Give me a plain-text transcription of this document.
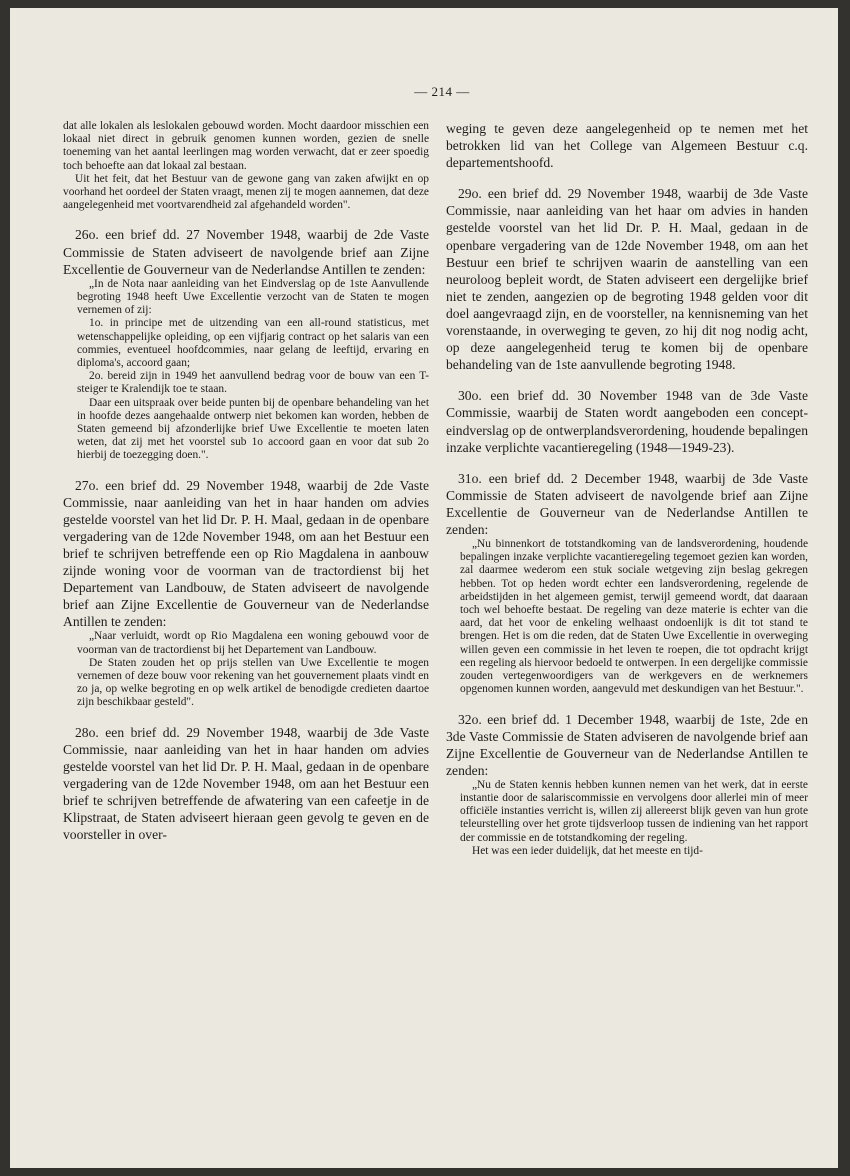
— 214 —

dat alle lokalen als leslokalen gebouwd worden. Mocht daardoor misschien een lokaal niet direct in gebruik genomen kunnen worden, gezien de snelle toeneming van het aantal leerlingen mag worden verwacht, dat er zeer spoedig toch behoefte aan dat lokaal zal bestaan.

Uit het feit, dat het Bestuur van de gewone gang van zaken afwijkt en op voorhand het oordeel der Staten vraagt, menen zij te mogen aannemen, dat deze aangelegenheid met voortvarendheid zal afgehandeld worden".

26o. een brief dd. 27 November 1948, waarbij de 2de Vaste Commissie de Staten adviseert de navolgende brief aan Zijne Excellentie de Gouverneur van de Nederlandse Antillen te zenden:

„In de Nota naar aanleiding van het Eindverslag op de 1ste Aanvullende begroting 1948 heeft Uwe Excellentie verzocht van de Staten te mogen vernemen of zij:

1o. in principe met de uitzending van een all-round statisticus, met wetenschappelijke opleiding, op een vijfjarig contract op het salaris van een commies, eventueel hoofdcommies, naar gelang de leeftijd, ervaring en diploma's, accoord gaan;

2o. bereid zijn in 1949 het aanvullend bedrag voor de bouw van een T-steiger te Kralendijk toe te staan.

Daar een uitspraak over beide punten bij de openbare behandeling van het in hoofde dezes aangehaalde ontwerp niet bekomen kan worden, hebben de Staten gemeend bij afzonderlijke brief Uwe Excellentie te moeten laten weten, dat zij met het voorstel sub 1o accoord gaan en voor dat sub 2o hierbij de toezegging doen.".

27o. een brief dd. 29 November 1948, waarbij de 2de Vaste Commissie, naar aanleiding van het in haar handen om advies gestelde voorstel van het lid Dr. P. H. Maal, gedaan in de openbare vergadering van de 12de November 1948, om aan het Bestuur een brief te schrijven betreffende een op Rio Magdalena in aanbouw zijnde woning voor de voorman van de tractordienst bij het Departement van Landbouw, de Staten adviseert de navolgende brief aan Zijne Excellentie de Gouverneur van de Nederlandse Antillen te zenden:

„Naar verluidt, wordt op Rio Magdalena een woning gebouwd voor de voorman van de tractordienst bij het Departement van Landbouw.

De Staten zouden het op prijs stellen van Uwe Excellentie te mogen vernemen of deze bouw voor rekening van het gouvernement plaats vindt en zo ja, op welke begroting en op welk artikel de benodigde credieten daartoe zijn beschikbaar gesteld".

28o. een brief dd. 29 November 1948, waarbij de 3de Vaste Commissie, naar aanleiding van het in haar handen om advies gestelde voorstel van het lid Dr. P. H. Maal, gedaan in de openbare vergadering van de 12de November 1948, om aan het Bestuur een brief te schrijven betreffende de afwatering van een cafeetje in de Klipstraat, de Staten adviseert hieraan geen gevolg te geven en de voorsteller in over-

weging te geven deze aangelegenheid op te nemen met het betrokken lid van het College van Algemeen Bestuur c.q. departementshoofd.

29o. een brief dd. 29 November 1948, waarbij de 3de Vaste Commissie, naar aanleiding van het haar om advies in handen gestelde voorstel van het lid Dr. P. H. Maal, gedaan in de openbare vergadering van de 12de November 1948, om aan het Bestuur een brief te schrijven waarin de aanstelling van een neuroloog bepleit wordt, de Staten adviseert een dergelijke brief niet te zenden, aangezien op de begroting 1948 gelden voor dit doel aangevraagd zijn, en de voorsteller, na kennisneming van het vorenstaande, in overweging te geven, zo hij dit nog nodig acht, op deze aangelegenheid terug te komen bij de openbare behandeling van de 1ste aanvullende begroting 1948.

30o. een brief dd. 30 November 1948 van de 3de Vaste Commissie, waarbij de Staten wordt aangeboden een concept-eindverslag op de ontwerplandsverordening, houdende bepalingen inzake verplichte vacantieregeling (1948—1949-23).

31o. een brief dd. 2 December 1948, waarbij de 3de Vaste Commissie de Staten adviseert de navolgende brief aan Zijne Excellentie de Gouverneur van de Nederlandse Antillen te zenden:

„Nu binnenkort de totstandkoming van de landsverordening, houdende bepalingen inzake verplichte vacantieregeling tegemoet gezien kan worden, zal daarmee wederom een stuk sociale wetgeving zijn beslag gekregen hebben. Tot op heden wordt echter een landsverordening, regelende de arbeidstijden in het algemeen gemist, terwijl gemeend wordt, dat daaraan toch wel behoefte bestaat. De regeling van deze materie is echter van die aard, dat het voor de enkeling welhaast ondoenlijk is dit tot stand te brengen. Het is om die reden, dat de Staten Uwe Excellentie in overweging willen geven een commissie in het leven te roepen, die tot opdracht krijgt een regeling als hiervoor bedoeld te ontwerpen. In een dergelijke commissie zouden vertegenwoordigers van de werkgevers en de werknemers opgenomen kunnen worden, aangevuld met deskundigen van het Bestuur.".

32o. een brief dd. 1 December 1948, waarbij de 1ste, 2de en 3de Vaste Commissie de Staten adviseren de navolgende brief aan Zijne Excellentie de Gouverneur van de Nederlandse Antillen te zenden:

„Nu de Staten kennis hebben kunnen nemen van het werk, dat in eerste instantie door de salariscommissie en vervolgens door allerlei min of meer officiële instanties verricht is, willen zij allereerst blijk geven van hun grote teleurstelling over het grote tijdsverloop tussen de indiening van het rapport der commissie en de totstandkoming der regeling.

Het was een ieder duidelijk, dat het meeste en tijd-
